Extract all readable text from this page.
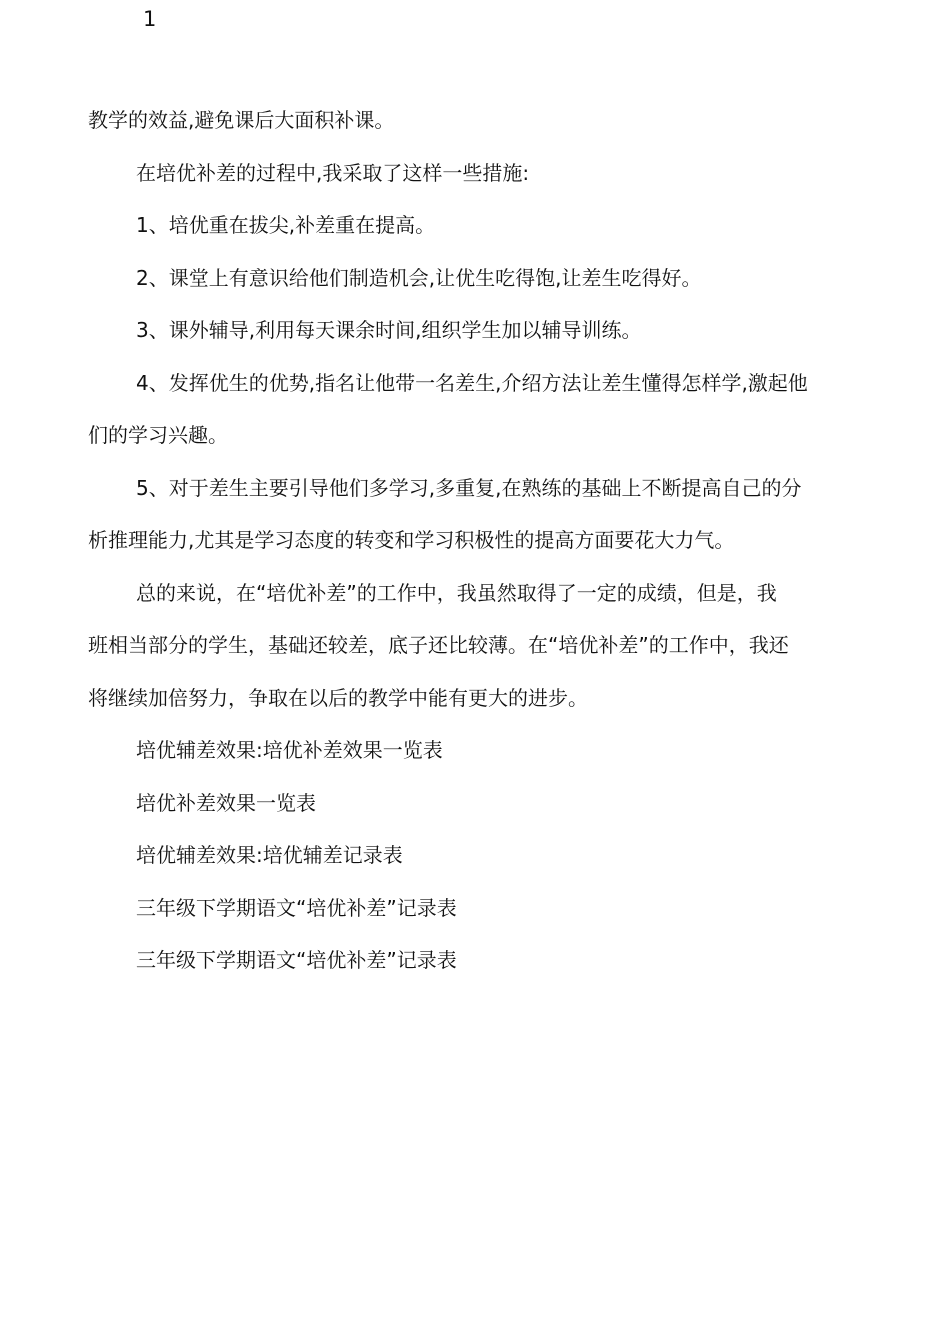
1
教学的效益,避免课后大面积补课。
在培优补差的过程中,我采取了这样一些措施:
1、培优重在拔尖,补差重在提高。
2、课堂上有意识给他们制造机会,让优生吃得饱,让差生吃得好。
3、课外辅导,利用每天课余时间,组织学生加以辅导训练。
4、发挥优生的优势,指名让他带一名差生,介绍方法让差生懂得怎样学,激起他
们的学习兴趣。
5、对于差生主要引导他们多学习,多重复,在熟练的基础上不断提高自己的分
析推理能力,尤其是学习态度的转变和学习积极性的提高方面要花大力气。
总的来说，在“培优补差”的工作中，我虽然取得了一定的成绩，但是，我
班相当部分的学生，基础还较差，底子还比较薄。在“培优补差”的工作中，我还
将继续加倍努力，争取在以后的教学中能有更大的进步。
培优辅差效果:培优补差效果一览表
培优补差效果一览表
培优辅差效果:培优辅差记录表
三年级下学期语文“培优补差”记录表
三年级下学期语文“培优补差”记录表
